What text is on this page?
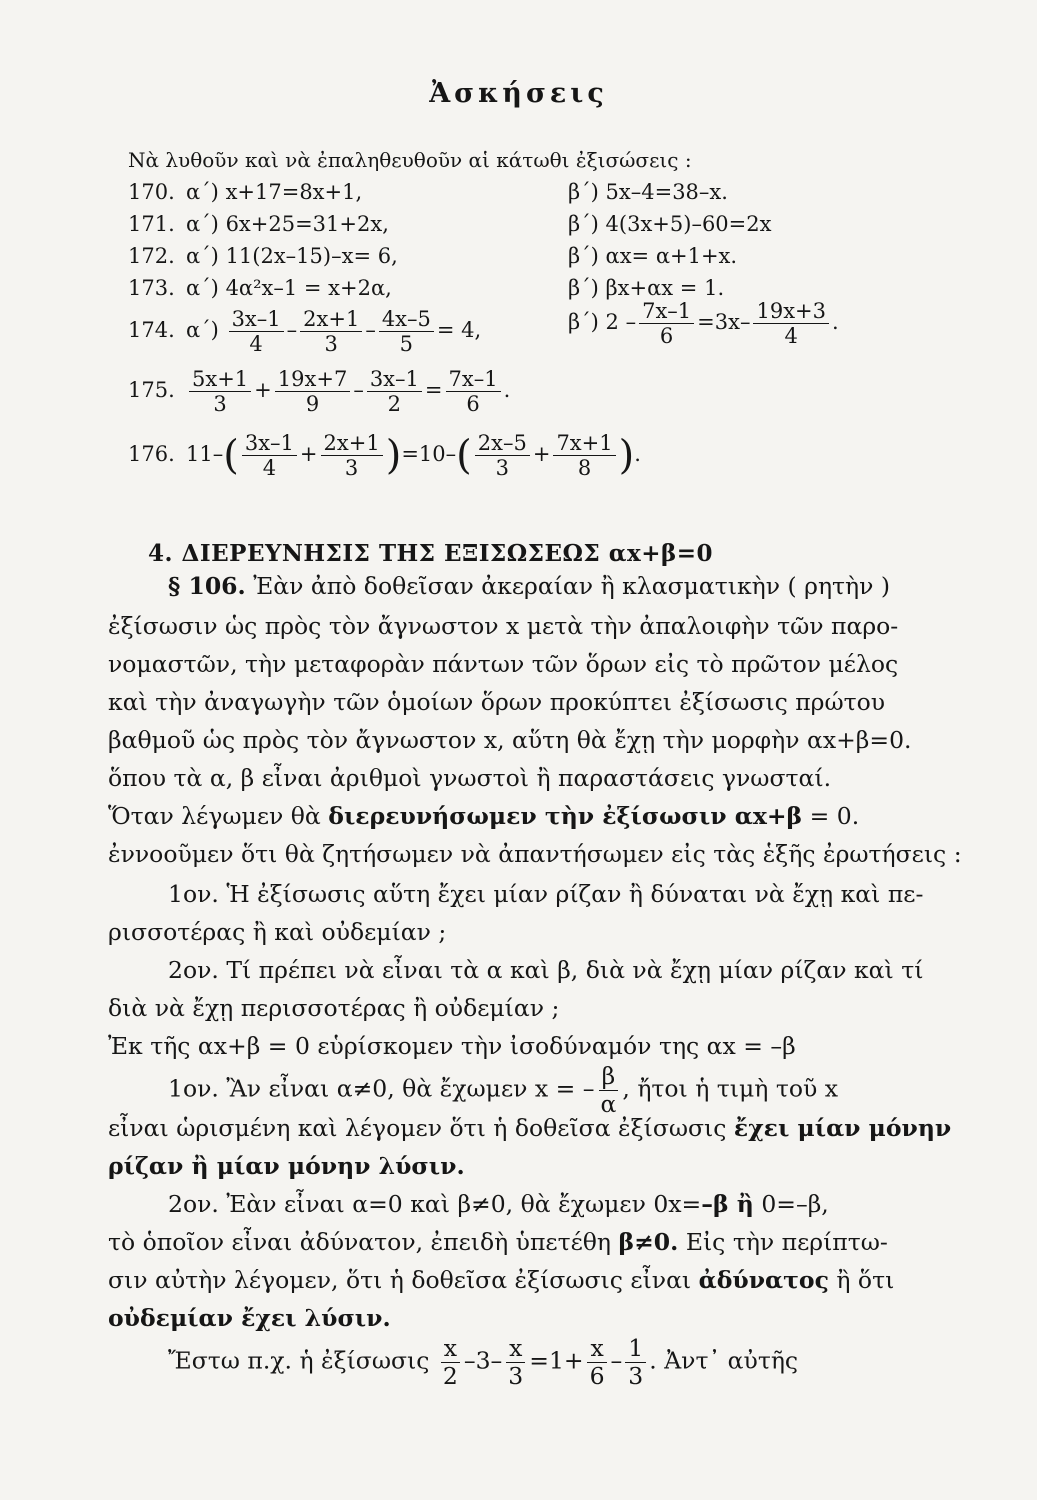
Ἀσκήσεις
Νὰ λυθοῦν καὶ νὰ ἐπαληθευθοῦν αἱ κάτωθι ἐξισώσεις :
170. α΄) x+17=8x+1,	β΄) 5x–4=38–x.
171. α΄) 6x+25=31+2x,	β΄) 4(3x+5)–60=2x
172. α΄) 11(2x–15)–x= 6,	β΄) αx= α+1+x.
173. α΄) 4α²x–1 = x+2α,	β΄) βx+αx = 1.
174. $\alpha΄) \frac{3x-1}{4} - \frac{2x+1}{3} - \frac{4x-5}{5} = 4$,	β΄) $2 - \frac{7x-1}{6} =3x- \frac{19x+3}{4}$ .
175. $\frac{5x+1}{3} + \frac{19x+7}{9} - \frac{3x-1}{2} = \frac{7x-1}{6}$ .
176. $11-( \frac{3x-1}{4} + \frac{2x+1}{3} )=10-( \frac{2x-5}{3} + \frac{7x+1}{8}$ ).
4. ΔΙΕΡΕΥΝΗΣΙΣ ΤΗΣ ΕΞΙΣΩΣΕΩΣ αx+β=0
§ 106. Ἐὰν ἀπὸ δοθεῖσαν ἀκεραίαν ἢ κλασματικὴν ( ρητὴν )
ἐξίσωσιν ὡς πρὸς τὸν ἄγνωστον x μετὰ τὴν ἀπαλοιφὴν τῶν παρο-
νομαστῶν, τὴν μεταφορὰν πάντων τῶν ὅρων εἰς τὸ πρῶτον μέλος
καὶ τὴν ἀναγωγὴν τῶν ὁμοίων ὅρων προκύπτει ἐξίσωσις πρώτου
βαθμοῦ ὡς πρὸς τὸν ἄγνωστον x, αὕτη θὰ ἔχῃ τὴν μορφὴν αx+β=0.
ὅπου τὰ α, β εἶναι ἀριθμοὶ γνωστοὶ ἢ παραστάσεις γνωσταί.
Ὅταν λέγωμεν θὰ διερευνήσωμεν τὴν ἐξίσωσιν αx+β = 0.
ἐννοοῦμεν ὅτι θὰ ζητήσωμεν νὰ ἀπαντήσωμεν εἰς τὰς ἑξῆς ἐρωτήσεις :
1ον. Ἡ ἐξίσωσις αὕτη ἔχει μίαν ρίζαν ἢ δύναται νὰ ἔχῃ καὶ πε-
ρισσοτέρας ἢ καὶ οὐδεμίαν ;
2ον. Τί πρέπει νὰ εἶναι τὰ α καὶ β, διὰ νὰ ἔχῃ μίαν ρίζαν καὶ τί
διὰ νὰ ἔχῃ περισσοτέρας ἢ οὐδεμίαν ;
Ἐκ τῆς αx+β = 0 εὑρίσκομεν τὴν ἰσοδύναμόν της αx = –β
1ον. Ἂν εἶναι α≠0, θὰ ἔχωμεν x = – $\frac{\beta}{\alpha}$ , ἤτοι ἡ τιμὴ τοῦ x
εἶναι ὡρισμένη καὶ λέγομεν ὅτι ἡ δοθεῖσα ἐξίσωσις ἔχει μίαν μόνην
ρίζαν ἢ μίαν μόνην λύσιν.
2ον. Ἐὰν εἶναι α=0 καὶ β≠0, θὰ ἔχωμεν 0x=–β ἢ 0=–β,
τὸ ὁποῖον εἶναι ἀδύνατον, ἐπειδὴ ὑπετέθη β≠0. Εἰς τὴν περίπτω-
σιν αὐτὴν λέγομεν, ὅτι ἡ δοθεῖσα ἐξίσωσις εἶναι ἀδύνατος ἢ ὅτι
οὐδεμίαν ἔχει λύσιν.
Ἔστω π.χ. ἡ ἐξίσωσις $\frac{x}{2} -3- \frac{x}{3} =1+ \frac{x}{6} - \frac{1}{3}$ . Ἀντ᾽ αὐτῆς
